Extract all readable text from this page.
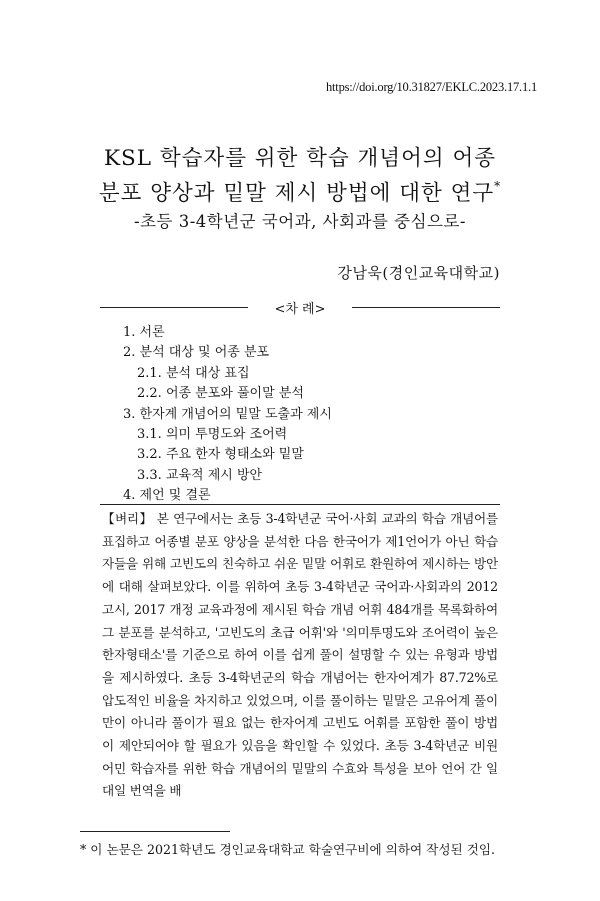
https://doi.org/10.31827/EKLC.2023.17.1.1
KSL 학습자를 위한 학습 개념어의 어종
분포 양상과 밑말 제시 방법에 대한 연구*
-초등 3-4학년군 국어과, 사회과를 중심으로-
강남욱(경인교육대학교)
<차 례>
1. 서론
2. 분석 대상 및 어종 분포
2.1. 분석 대상 표집
2.2. 어종 분포와 풀이말 분석
3. 한자계 개념어의 밑말 도출과 제시
3.1. 의미 투명도와 조어력
3.2. 주요 한자 형태소와 밑말
3.3. 교육적 제시 방안
4. 제언 및 결론
【벼리】 본 연구에서는 초등 3-4학년군 국어·사회 교과의 학습 개념어를 표집하고 어종별 분포 양상을 분석한 다음 한국어가 제1언어가 아닌 학습자들을 위해 고빈도의 친숙하고 쉬운 밑말 어휘로 환원하여 제시하는 방안에 대해 살펴보았다. 이를 위하여 초등 3-4학년군 국어과·사회과의 2012 고시, 2017 개정 교육과정에 제시된 학습 개념 어휘 484개를 목록화하여 그 분포를 분석하고, '고빈도의 초급 어휘'와 '의미투명도와 조어력이 높은 한자형태소'를 기준으로 하여 이를 쉽게 풀이 설명할 수 있는 유형과 방법을 제시하였다. 초등 3-4학년군의 학습 개념어는 한자어계가 87.72%로 압도적인 비율을 차지하고 있었으며, 이를 풀이하는 밑말은 고유어계 풀이만이 아니라 풀이가 필요 없는 한자어계 고빈도 어휘를 포함한 풀이 방법이 제안되어야 할 필요가 있음을 확인할 수 있었다. 초등 3-4학년군 비원어민 학습자를 위한 학습 개념어의 밑말의 수효와 특성을 보아 언어 간 일대일 번역을 배
* 이 논문은 2021학년도 경인교육대학교 학술연구비에 의하여 작성된 것임.
